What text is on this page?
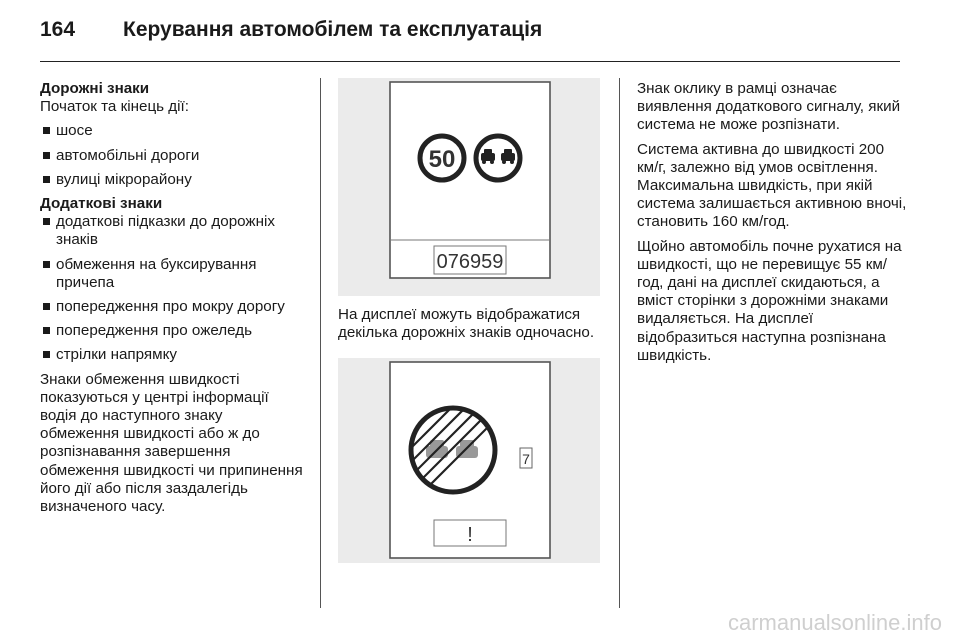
164 Керування автомобілем та експлуатація
Дорожні знаки
Початок та кінець дії:
шосе
автомобільні дороги
вулиці мікрорайону
Додаткові знаки
додаткові підказки до дорожніх знаків
обмеження на буксирування причепа
попередження про мокру дорогу
попередження про ожеледь
стрілки напрямку

Знаки обмеження швидкості показуються у центрі інформації водія до наступного знаку обмеження швидкості або ж до розпізнавання завершення обмеження швидкості чи припинення його дії або після заздалегідь визначеного часу.

50
076959

На дисплеї можуть відображатися декілька дорожніх знаків одночасно.

7
!

Знак оклику в рамці означає виявлення додаткового сигналу, який система не може розпізнати.

Система активна до швидкості 200 км/г, залежно від умов освітлення. Максимальна швидкість, при якій система залишається активною вночі, становить 160 км/год.

Щойно автомобіль почне рухатися на швидкості, що не перевищує 55 км/год, дані на дисплеї скидаються, а вміст сторінки з дорожніми знаками видаляється. На дисплеї відобразиться наступна розпізнана швидкість.

carmanualsonline.info
